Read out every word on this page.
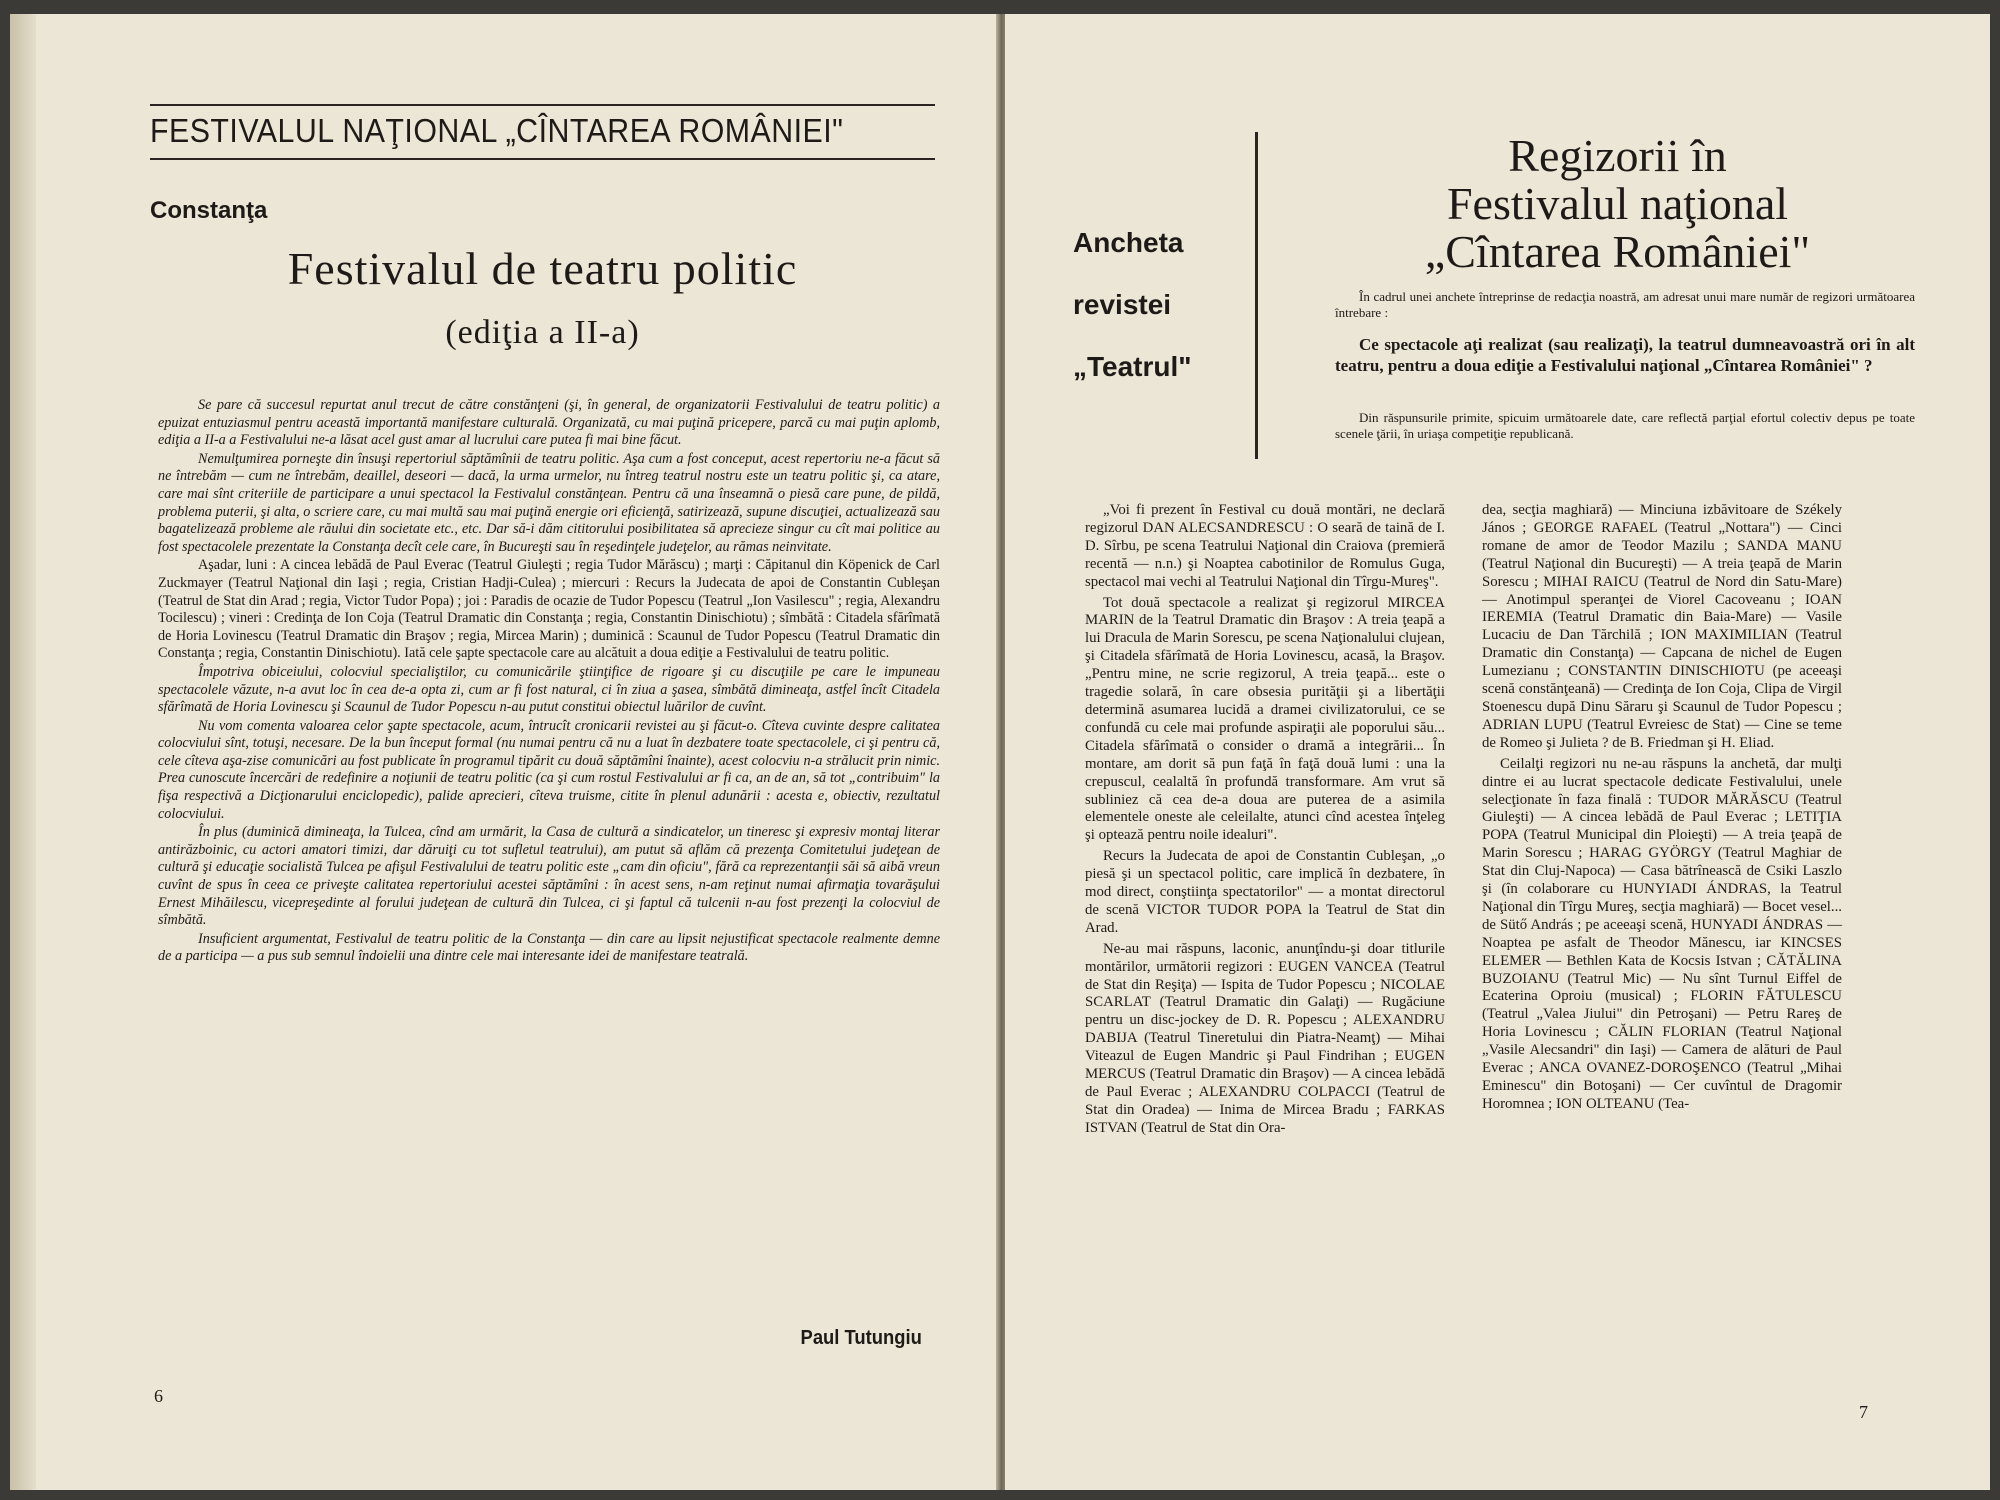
FESTIVALUL NAŢIONAL „CÎNTAREA ROMÂNIEI"
Constanţa
Festivalul de teatru politic
(ediţia a II-a)

Se pare că succesul repurtat anul trecut de către constănţeni (şi, în general, de organizatorii Festivalului de teatru politic) a epuizat entuziasmul pentru această importantă manifestare culturală. Organizată, cu mai puţină pricepere, parcă cu mai puţin aplomb, ediţia a II-a a Festivalului ne-a lăsat acel gust amar al lucrului care putea fi mai bine făcut.

Nemulţumirea porneşte din însuşi repertoriul săptămînii de teatru politic. Aşa cum a fost conceput, acest repertoriu ne-a făcut să ne întrebăm — cum ne întrebăm, deaillel, deseori — dacă, la urma urmelor, nu întreg teatrul nostru este un teatru politic şi, ca atare, care mai sînt criteriile de participare a unui spectacol la Festivalul constănţean. Pentru că una înseamnă o piesă care pune, de pildă, problema puterii, şi alta, o scriere care, cu mai multă sau mai puţină energie ori eficienţă, satirizează, supune discuţiei, actualizează sau bagatelizează probleme ale răului din societate etc., etc. Dar să-i dăm cititorului posibilitatea să aprecieze singur cu cît mai politice au fost spectacolele prezentate la Constanţa decît cele care, în Bucureşti sau în reşedinţele judeţelor, au rămas neinvitate.

Aşadar, luni : A cincea lebădă de Paul Everac (Teatrul Giuleşti ; regia Tudor Mărăscu) ; marţi : Căpitanul din Köpenick de Carl Zuckmayer (Teatrul Naţional din Iaşi ; regia, Cristian Hadji-Culea) ; miercuri : Recurs la Judecata de apoi de Constantin Cubleşan (Teatrul de Stat din Arad ; regia, Victor Tudor Popa) ; joi : Paradis de ocazie de Tudor Popescu (Teatrul „Ion Vasilescu" ; regia, Alexandru Tocilescu) ; vineri : Credinţa de Ion Coja (Teatrul Dramatic din Constanţa ; regia, Constantin Dinischiotu) ; sîmbătă : Citadela sfărîmată de Horia Lovinescu (Teatrul Dramatic din Braşov ; regia, Mircea Marin) ; duminică : Scaunul de Tudor Popescu (Teatrul Dramatic din Constanţa ; regia, Constantin Dinischiotu). Iată cele şapte spectacole care au alcătuit a doua ediţie a Festivalului de teatru politic.

Împotriva obiceiului, colocviul specialiştilor, cu comunicările ştiinţifice de rigoare şi cu discuţiile pe care le impuneau spectacolele văzute, n-a avut loc în cea de-a opta zi, cum ar fi fost natural, ci în ziua a şasea, sîmbătă dimineaţa, astfel încît Citadela sfărîmată de Horia Lovinescu şi Scaunul de Tudor Popescu n-au putut constitui obiectul luărilor de cuvînt.

Nu vom comenta valoarea celor şapte spectacole, acum, întrucît cronicarii revistei au şi făcut-o. Cîteva cuvinte despre calitatea colocviului sînt, totuşi, necesare. De la bun început formal (nu numai pentru că nu a luat în dezbatere toate spectacolele, ci şi pentru că, cele cîteva aşa-zise comunicări au fost publicate în programul tipărit cu două săptămîni înainte), acest colocviu n-a strălucit prin nimic. Prea cunoscute încercări de redefinire a noţiunii de teatru politic (ca şi cum rostul Festivalului ar fi ca, an de an, să tot „contribuim" la fişa respectivă a Dicţionarului enciclopedic), palide aprecieri, cîteva truisme, citite în plenul adunării : acesta e, obiectiv, rezultatul colocviului.

În plus (duminică dimineaţa, la Tulcea, cînd am urmărit, la Casa de cultură a sindicatelor, un tineresc şi expresiv montaj literar antirăzboinic, cu actori amatori timizi, dar dăruiţi cu tot sufletul teatrului), am putut să aflăm că prezenţa Comitetului judeţean de cultură şi educaţie socialistă Tulcea pe afişul Festivalului de teatru politic este „cam din oficiu", fără ca reprezentanţii săi să aibă vreun cuvînt de spus în ceea ce priveşte calitatea repertoriului acestei săptămîni : în acest sens, n-am reţinut numai afirmaţia tovarăşului Ernest Mihăilescu, vicepreşedinte al forului judeţean de cultură din Tulcea, ci şi faptul că tulcenii n-au fost prezenţi la colocviul de sîmbătă.

Insuficient argumentat, Festivalul de teatru politic de la Constanţa — din care au lipsit nejustificat spectacole realmente demne de a participa — a pus sub semnul îndoielii una dintre cele mai interesante idei de manifestare teatrală.

Paul Tutungiu
6
Ancheta
revistei
„Teatrul"
Regizorii în
Festivalul naţional
„Cîntarea României"

În cadrul unei anchete întreprinse de redacţia noastră, am adresat unui mare număr de regizori următoarea întrebare :

Ce spectacole aţi realizat (sau realizaţi), la teatrul dumneavoastră ori în alt teatru, pentru a doua ediţie a Festivalului naţional „Cîntarea României" ?
Din răspunsurile primite, spicuim următoarele date, care reflectă parţial efortul colectiv depus pe toate scenele ţării, în uriaşa competiţie republicană.

„Voi fi prezent în Festival cu două montări, ne declară regizorul DAN ALECSANDRESCU : O seară de taină de I. D. Sîrbu, pe scena Teatrului Naţional din Craiova (premieră recentă — n.n.) şi Noaptea cabotinilor de Romulus Guga, spectacol mai vechi al Teatrului Naţional din Tîrgu-Mureş".

Tot două spectacole a realizat şi regizorul MIRCEA MARIN de la Teatrul Dramatic din Braşov : A treia ţeapă a lui Dracula de Marin Sorescu, pe scena Naţionalului clujean, şi Citadela sfărîmată de Horia Lovinescu, acasă, la Braşov. „Pentru mine, ne scrie regizorul, A treia ţeapă... este o tragedie solară, în care obsesia purităţii şi a libertăţii determină asumarea lucidă a dramei civilizatorului, ce se confundă cu cele mai profunde aspiraţii ale poporului său... Citadela sfărîmată o consider o dramă a integrării... În montare, am dorit să pun faţă în faţă două lumi : una la crepuscul, cealaltă în profundă transformare. Am vrut să subliniez că cea de-a doua are puterea de a asimila elementele oneste ale celeilalte, atunci cînd acestea înţeleg şi optează pentru noile idealuri".

Recurs la Judecata de apoi de Constantin Cubleşan, „o piesă şi un spectacol politic, care implică în dezbatere, în mod direct, conştiinţa spectatorilor" — a montat directorul de scenă VICTOR TUDOR POPA la Teatrul de Stat din Arad.

Ne-au mai răspuns, laconic, anunţîndu-şi doar titlurile montărilor, următorii regizori : EUGEN VANCEA (Teatrul de Stat din Reşiţa) — Ispita de Tudor Popescu ; NICOLAE SCARLAT (Teatrul Dramatic din Galaţi) — Rugăciune pentru un disc-jockey de D. R. Popescu ; ALEXANDRU DABIJA (Teatrul Tineretului din Piatra-Neamţ) — Mihai Viteazul de Eugen Mandric şi Paul Findrihan ; EUGEN MERCUS (Teatrul Dramatic din Braşov) — A cincea lebădă de Paul Everac ; ALEXANDRU COLPACCI (Teatrul de Stat din Oradea) — Inima de Mircea Bradu ; FARKAS ISTVAN (Teatrul de Stat din Ora-

dea, secţia maghiară) — Minciuna izbăvitoare de Székely János ; GEORGE RAFAEL (Teatrul „Nottara") — Cinci romane de amor de Teodor Mazilu ; SANDA MANU (Teatrul Naţional din Bucureşti) — A treia ţeapă de Marin Sorescu ; MIHAI RAICU (Teatrul de Nord din Satu-Mare) — Anotimpul speranţei de Viorel Cacoveanu ; IOAN IEREMIA (Teatrul Dramatic din Baia-Mare) — Vasile Lucaciu de Dan Tărchilă ; ION MAXIMILIAN (Teatrul Dramatic din Constanţa) — Capcana de nichel de Eugen Lumezianu ; CONSTANTIN DINISCHIOTU (pe aceeaşi scenă constănţeană) — Credinţa de Ion Coja, Clipa de Virgil Stoenescu după Dinu Săraru şi Scaunul de Tudor Popescu ; ADRIAN LUPU (Teatrul Evreiesc de Stat) — Cine se teme de Romeo şi Julieta ? de B. Friedman şi H. Eliad.

Ceilalţi regizori nu ne-au răspuns la anchetă, dar mulţi dintre ei au lucrat spectacole dedicate Festivalului, unele selecţionate în faza finală : TUDOR MĂRĂSCU (Teatrul Giuleşti) — A cincea lebădă de Paul Everac ; LETIŢIA POPA (Teatrul Municipal din Ploieşti) — A treia ţeapă de Marin Sorescu ; HARAG GYÖRGY (Teatrul Maghiar de Stat din Cluj-Napoca) — Casa bătrînească de Csiki Laszlo şi (în colaborare cu HUNYIADI ÁNDRAS, la Teatrul Naţional din Tîrgu Mureş, secţia maghiară) — Bocet vesel... de Sütő András ; pe aceeaşi scenă, HUNYADI ÁNDRAS — Noaptea pe asfalt de Theodor Mănescu, iar KINCSES ELEMER — Bethlen Kata de Kocsis Istvan ; CĂTĂLINA BUZOIANU (Teatrul Mic) — Nu sînt Turnul Eiffel de Ecaterina Oproiu (musical) ; FLORIN FĂTULESCU (Teatrul „Valea Jiului" din Petroşani) — Petru Rareş de Horia Lovinescu ; CĂLIN FLORIAN (Teatrul Naţional „Vasile Alecsandri" din Iaşi) — Camera de alături de Paul Everac ; ANCA OVANEZ-DOROŞENCO (Teatrul „Mihai Eminescu" din Botoşani) — Cer cuvîntul de Dragomir Horomnea ; ION OLTEANU (Tea-

7
